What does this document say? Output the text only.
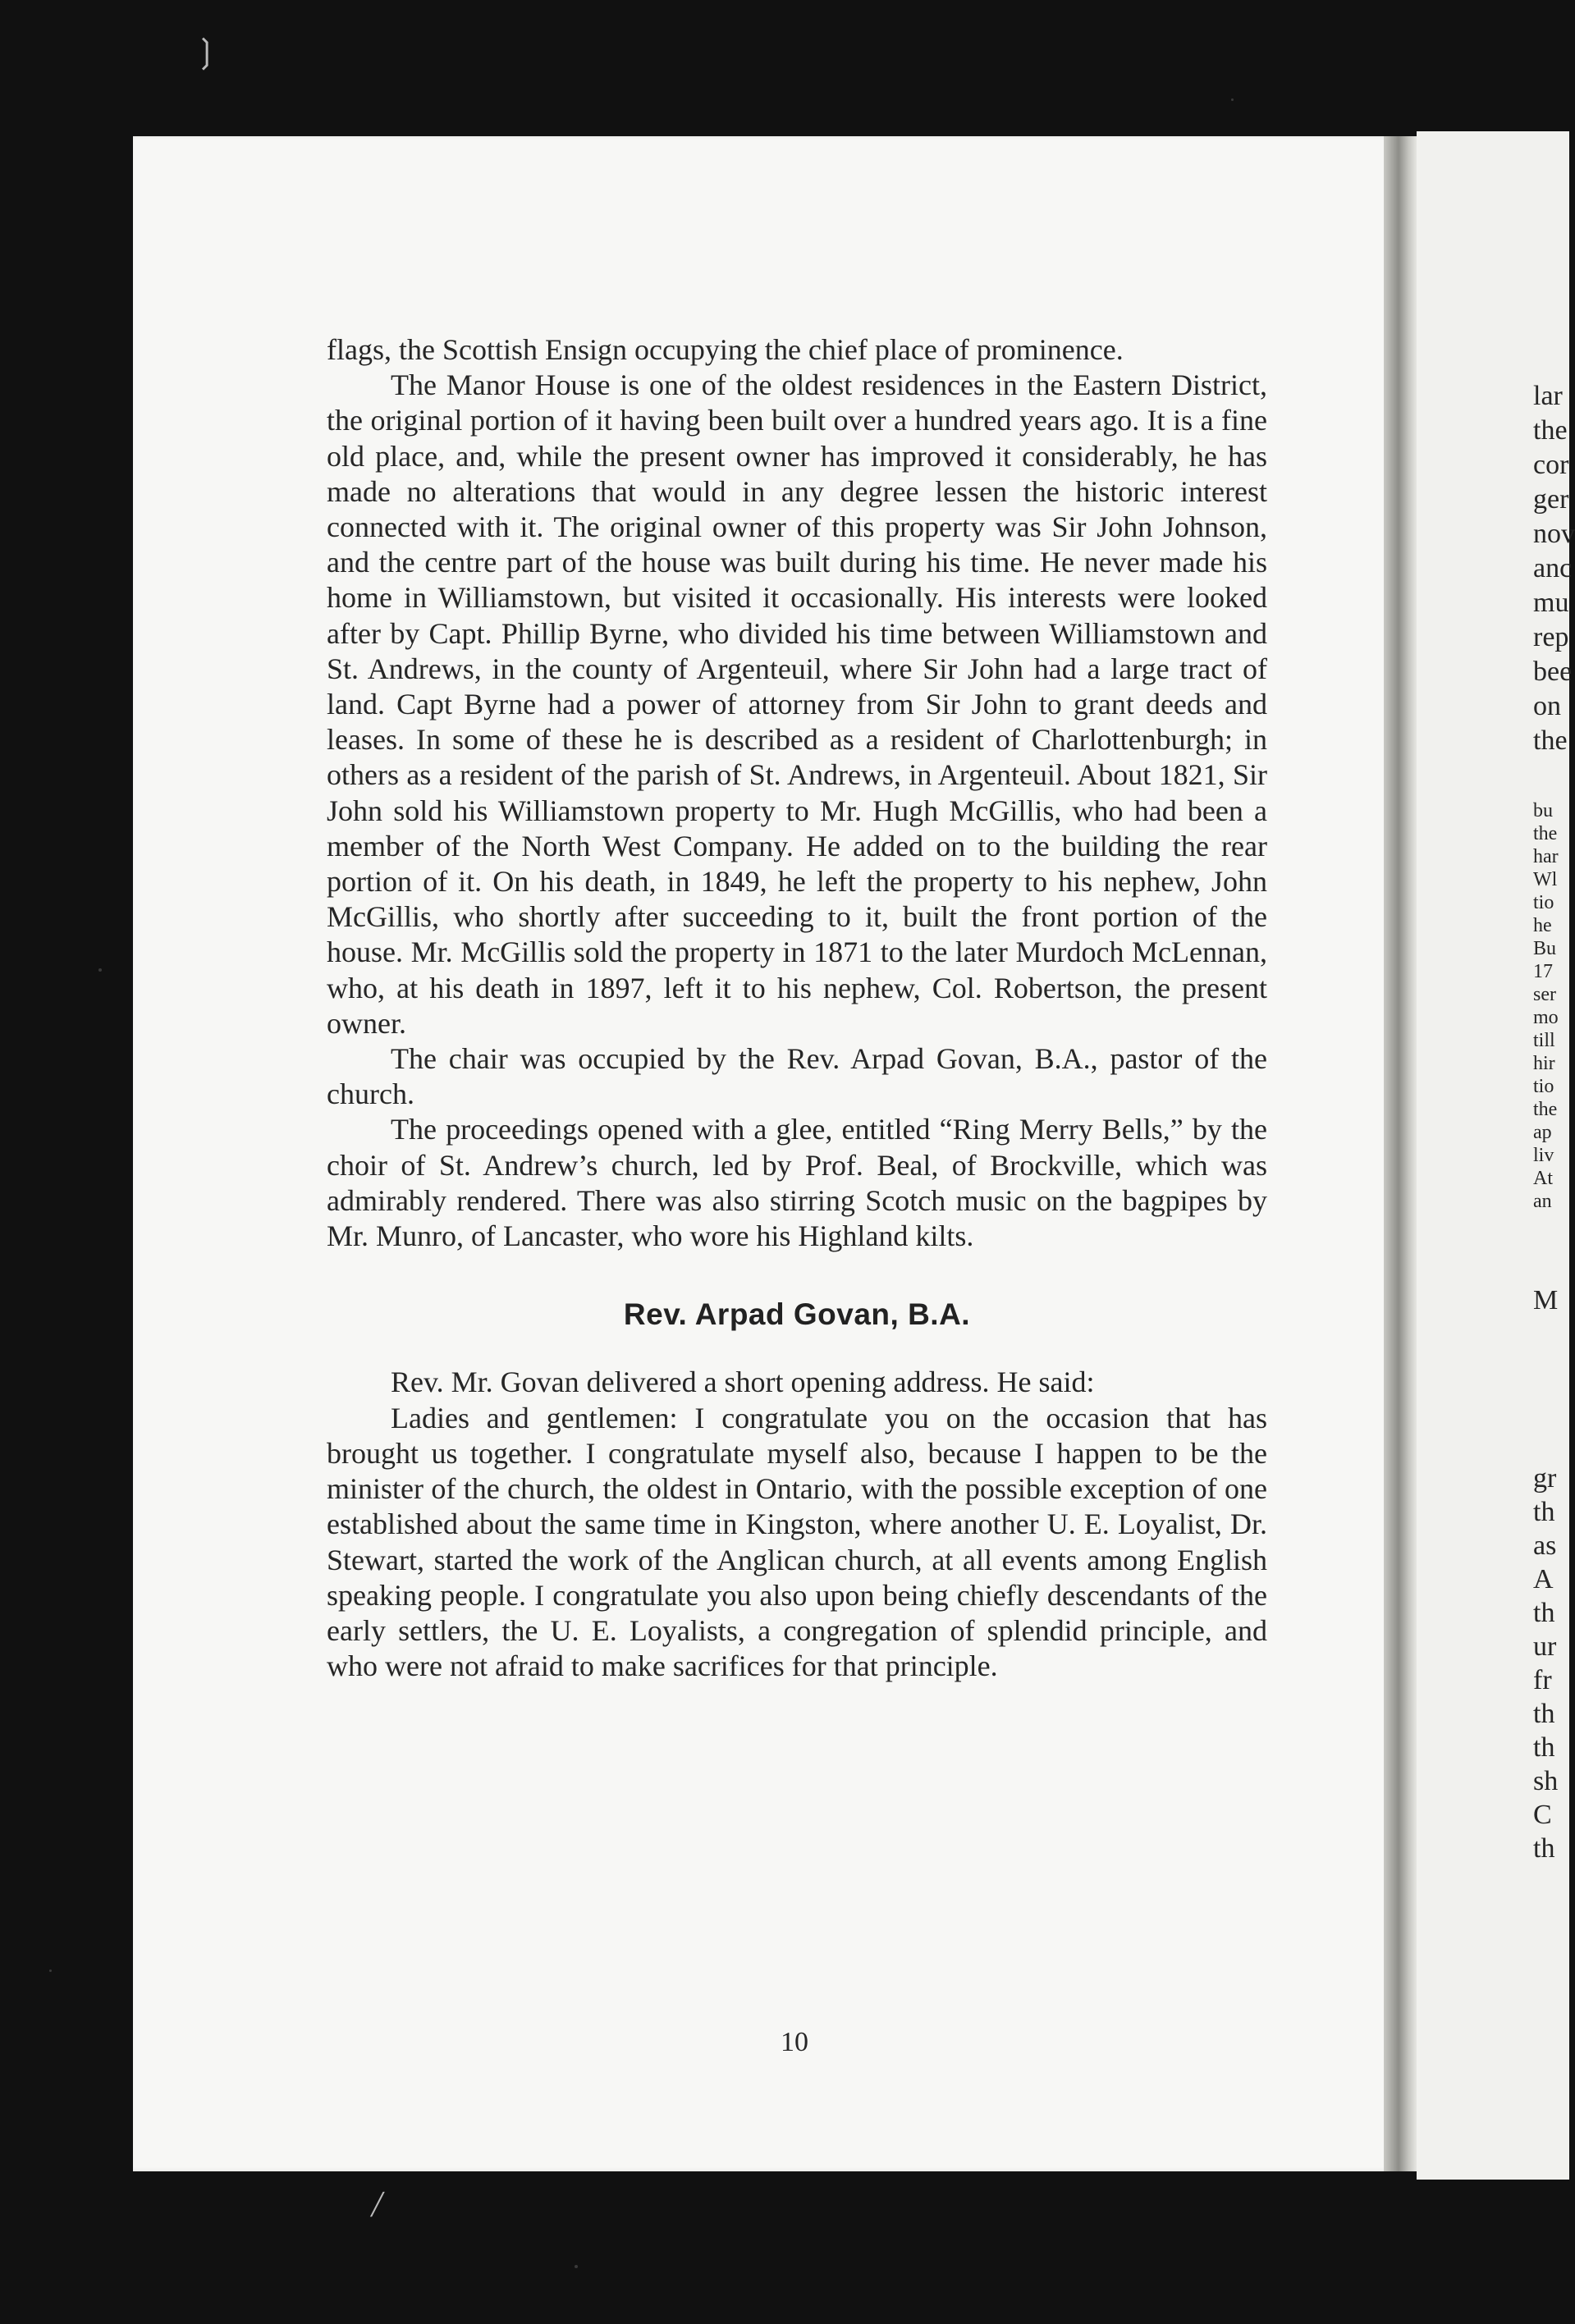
❳
╱

flags, the Scottish Ensign occupying the chief place of prominence.

The Manor House is one of the oldest residences in the Eastern District, the original portion of it having been built over a hundred years ago. It is a fine old place, and, while the present owner has improved it considerably, he has made no alterations that would in any degree lessen the historic interest connected with it. The original owner of this property was Sir John Johnson, and the centre part of the house was built during his time. He never made his home in Williamstown, but visited it occasionally. His interests were looked after by Capt. Phillip Byrne, who divided his time between Williamstown and St. Andrews, in the county of Argenteuil, where Sir John had a large tract of land. Capt Byrne had a power of attorney from Sir John to grant deeds and leases. In some of these he is described as a resident of Charlottenburgh; in others as a resident of the parish of St. Andrews, in Argenteuil. About 1821, Sir John sold his Williamstown property to Mr. Hugh McGillis, who had been a member of the North West Company. He added on to the building the rear portion of it. On his death, in 1849, he left the property to his nephew, John McGillis, who shortly after succeeding to it, built the front portion of the house. Mr. McGillis sold the property in 1871 to the later Murdoch McLennan, who, at his death in 1897, left it to his nephew, Col. Robertson, the present owner.

The chair was occupied by the Rev. Arpad Govan, B.A., pastor of the church.

The proceedings opened with a glee, entitled “Ring Merry Bells,” by the choir of St. Andrew’s church, led by Prof. Beal, of Brockville, which was admirably rendered. There was also stirring Scotch music on the bagpipes by Mr. Munro, of Lancaster, who wore his Highland kilts.

Rev. Arpad Govan, B.A.

Rev. Mr. Govan delivered a short opening address. He said:

Ladies and gentlemen: I congratulate you on the occasion that has brought us together. I congratulate myself also, because I happen to be the minister of the church, the oldest in Ontario, with the possible exception of one established about the same time in Kingston, where another U. E. Loyalist, Dr. Stewart, started the work of the Anglican church, at all events among English speaking people. I congratulate you also upon being chiefly descendants of the early settlers, the U. E. Loyalists, a congregation of splendid principle, and who were not afraid to make sacrifices for that principle.

10
lar
the
cor
ger
nov
anc
mu
rep
bee
on
the
bu
the
har
Wl
tio
he
Bu
17
ser
mo
till
hir
tio
the
ap
liv
At
an
M
gr
th
as
A
th
ur
fr
th
th
sh
C
th
